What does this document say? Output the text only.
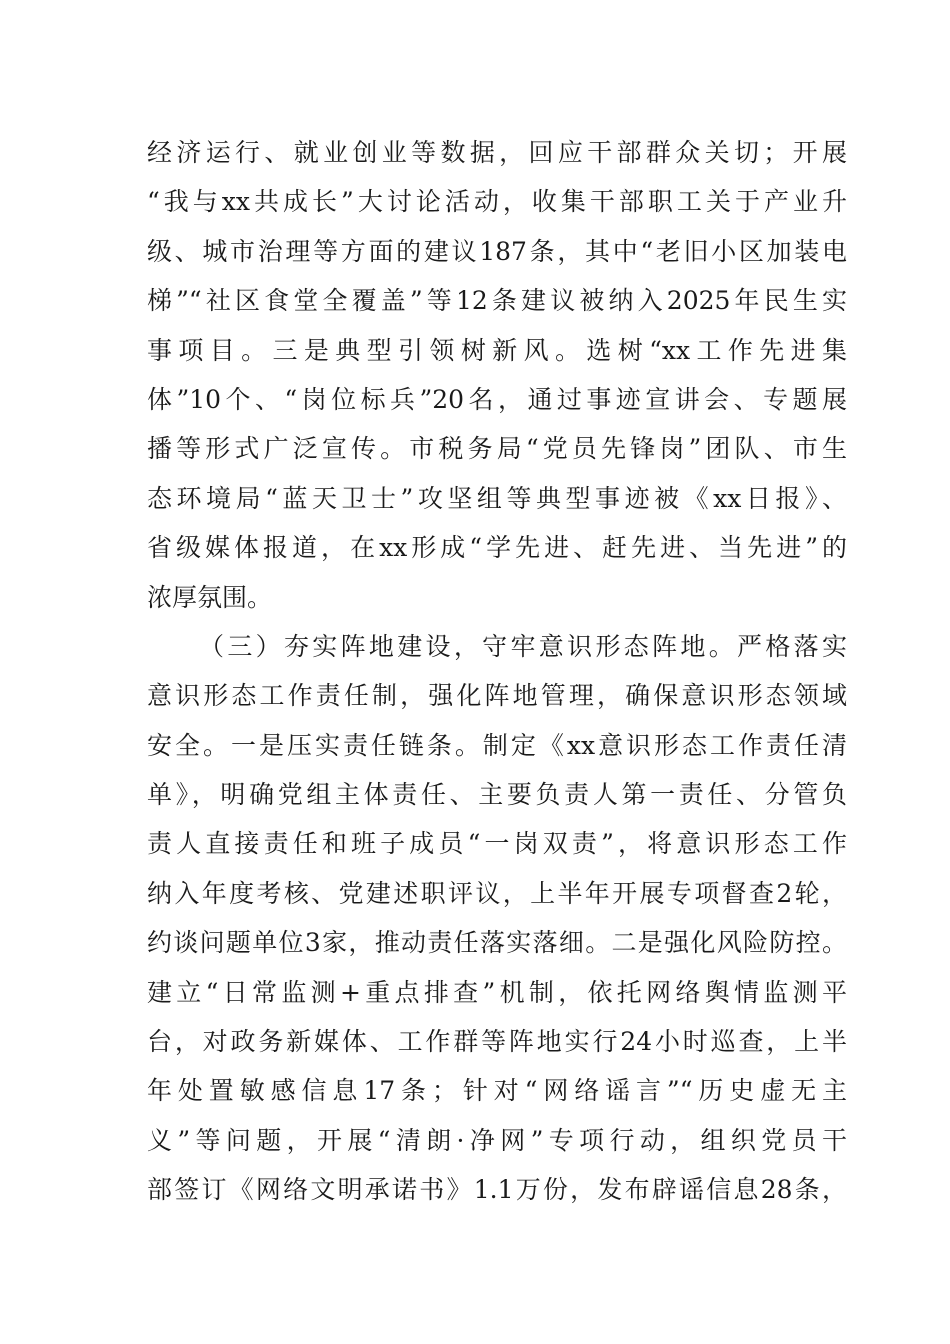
经济运行、就业创业等数据，回应干部群众关切；开展
“我与xx共成长”大讨论活动，收集干部职工关于产业升
级、城市治理等方面的建议187条，其中“老旧小区加装电
梯”“社区食堂全覆盖”等12条建议被纳入2025年民生实
事项目。三是典型引领树新风。选树“xx工作先进集
体”10个、“岗位标兵”20名，通过事迹宣讲会、专题展
播等形式广泛宣传。市税务局“党员先锋岗”团队、市生
态环境局“蓝天卫士”攻坚组等典型事迹被《xx日报》、
省级媒体报道，在xx形成“学先进、赶先进、当先进”的
浓厚氛围。
（三）夯实阵地建设，守牢意识形态阵地。严格落实
意识形态工作责任制，强化阵地管理，确保意识形态领域
安全。一是压实责任链条。制定《xx意识形态工作责任清
单》，明确党组主体责任、主要负责人第一责任、分管负
责人直接责任和班子成员“一岗双责”，将意识形态工作
纳入年度考核、党建述职评议，上半年开展专项督查2轮，
约谈问题单位3家，推动责任落实落细。二是强化风险防控。
建立“日常监测+重点排查”机制，依托网络舆情监测平
台，对政务新媒体、工作群等阵地实行24小时巡查，上半
年处置敏感信息17条；针对“网络谣言”“历史虚无主
义”等问题，开展“清朗·净网”专项行动，组织党员干
部签订《网络文明承诺书》1.1万份，发布辟谣信息28条，
